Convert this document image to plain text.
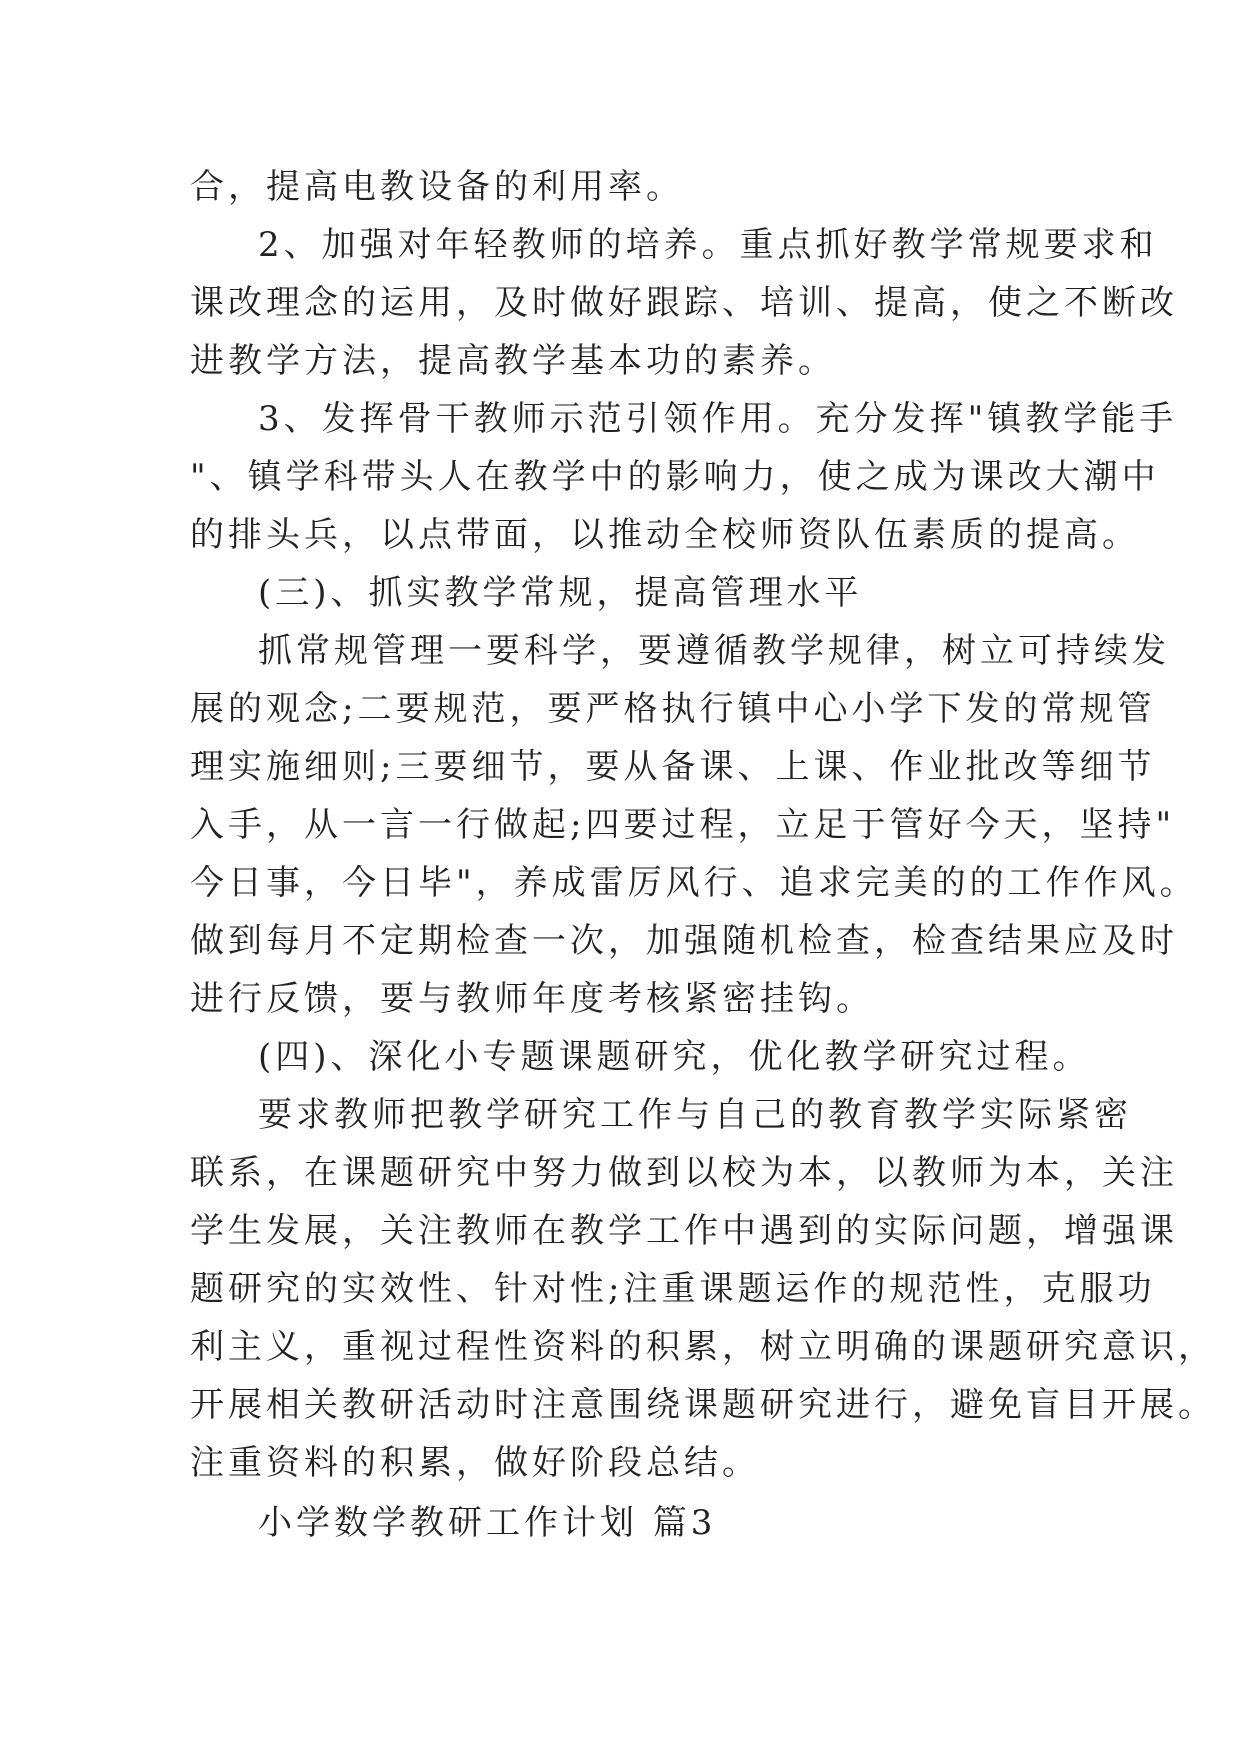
合，提高电教设备的利用率。
2、加强对年轻教师的培养。重点抓好教学常规要求和
课改理念的运用，及时做好跟踪、培训、提高，使之不断改
进教学方法，提高教学基本功的素养。
3、发挥骨干教师示范引领作用。充分发挥"镇教学能手
"、镇学科带头人在教学中的影响力，使之成为课改大潮中
的排头兵，以点带面，以推动全校师资队伍素质的提高。
(三)、抓实教学常规，提高管理水平
抓常规管理一要科学，要遵循教学规律，树立可持续发
展的观念;二要规范，要严格执行镇中心小学下发的常规管
理实施细则;三要细节，要从备课、上课、作业批改等细节
入手，从一言一行做起;四要过程，立足于管好今天，坚持"
今日事，今日毕"，养成雷厉风行、追求完美的的工作作风。
做到每月不定期检查一次，加强随机检查，检查结果应及时
进行反馈，要与教师年度考核紧密挂钩。
(四)、深化小专题课题研究，优化教学研究过程。
要求教师把教学研究工作与自己的教育教学实际紧密
联系，在课题研究中努力做到以校为本，以教师为本，关注
学生发展，关注教师在教学工作中遇到的实际问题，增强课
题研究的实效性、针对性;注重课题运作的规范性，克服功
利主义，重视过程性资料的积累，树立明确的课题研究意识，
开展相关教研活动时注意围绕课题研究进行，避免盲目开展。
注重资料的积累，做好阶段总结。
小学数学教研工作计划 篇3
